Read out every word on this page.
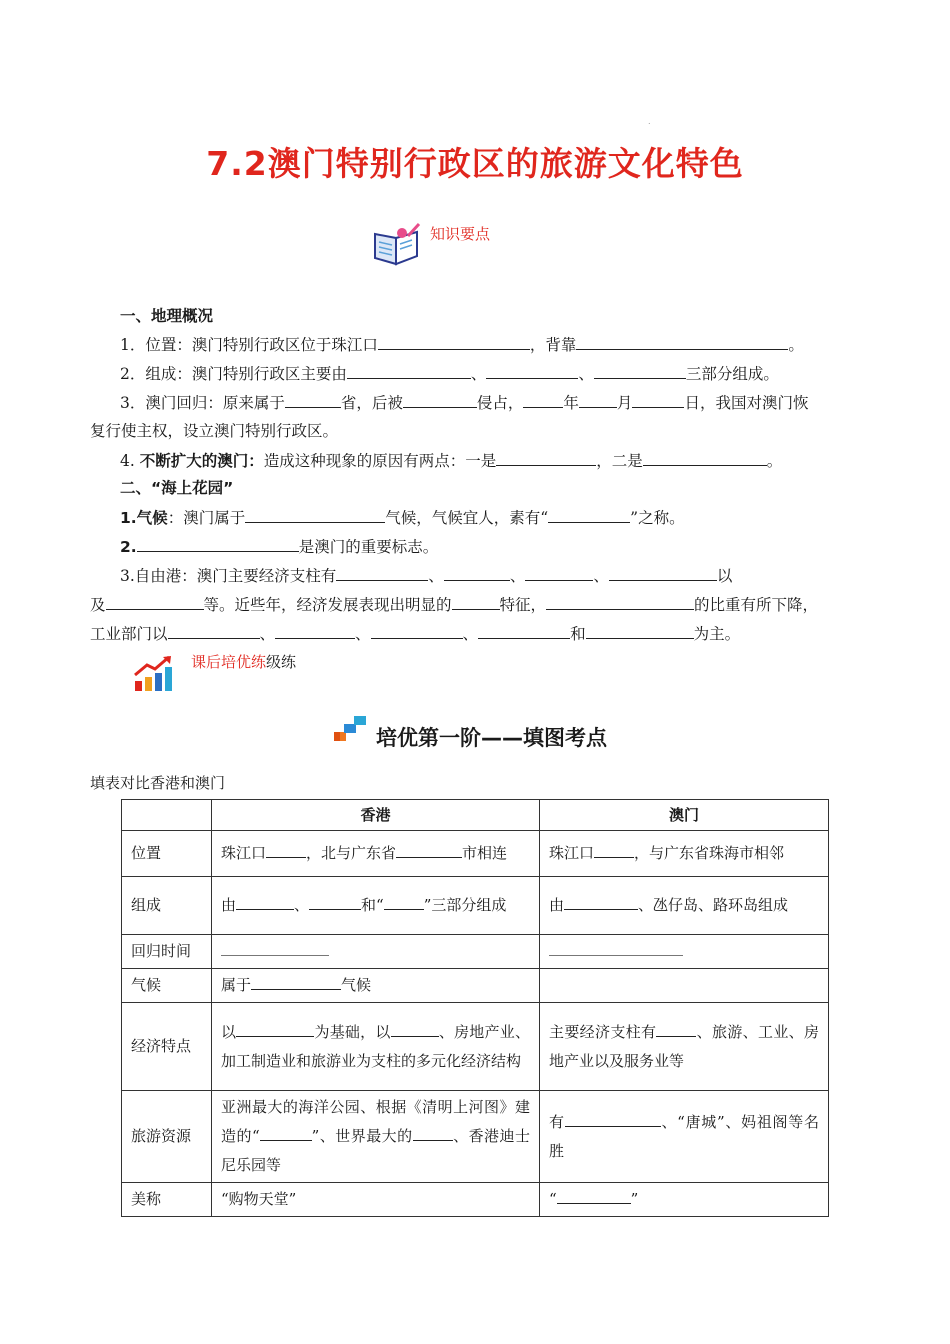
.
7.2澳门特别行政区的旅游文化特色
知识要点
一、地理概况
1．位置：澳门特别行政区位于珠江口	，背靠	。
2．组成：澳门特别行政区主要由	、	、	三部分组成。
3．澳门回归：原来属于	省，后被	侵占，	年 月	日，我国对澳门恢
复行使主权，设立澳门特别行政区。
4. 不断扩大的澳门：造成这种现象的原因有两点：一是	，二是	。
二、“海上花园”
1.气候：澳门属于	气候，气候宜人，素有“	”之称。
2.	是澳门的重要标志。
3.自由港：澳门主要经济支柱有	、	、	、	以
及	等。近些年，经济发展表现出明显的	特征，	的比重有所下降，
工业部门以	、	、	、	和	为主。
课后培优练级练
培优第一阶——填图考点
填表对比香港和澳门
	香港	澳门
位置	珠江口 ，北与广东省 市相连	珠江口 ，与广东省珠海市相邻
组成	由 、 和“ ”三部分组成	由 、氹仔岛、路环岛组成
回归时间		
气候	属于 气候	
经济特点	以 为基础，以 、房地产业、加工制造业和旅游业为支柱的多元化经济结构	主要经济支柱有 、旅游、工业、房地产业以及服务业等
旅游资源	亚洲最大的海洋公园、根据《清明上河图》建造的“ ”、世界最大的 、香港迪士尼乐园等	有 、“唐城”、妈祖阁等名胜
美称	“购物天堂”	“ ”
